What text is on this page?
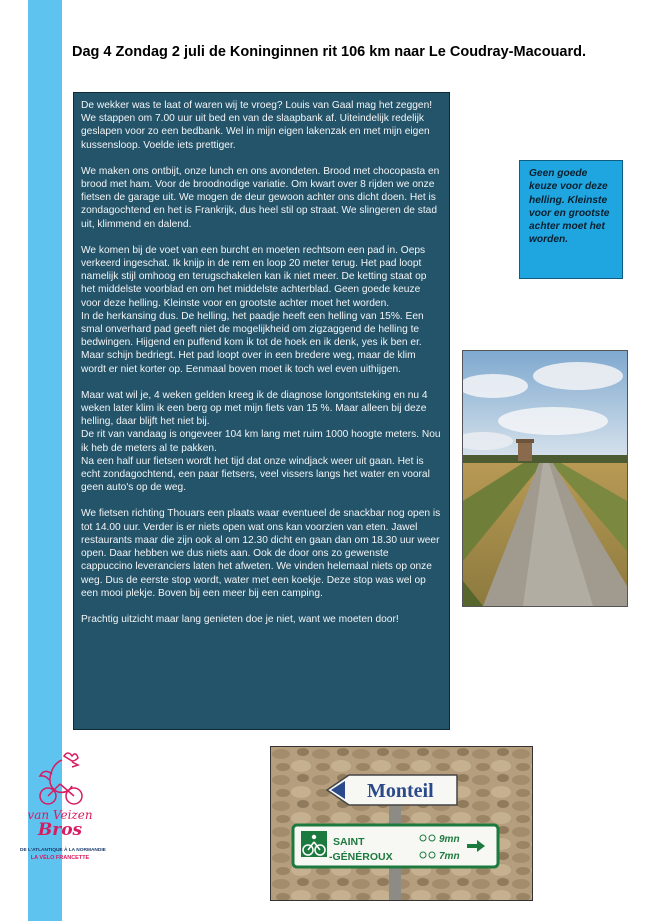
Dag 4 Zondag 2 juli de Koninginnen rit 106 km naar Le Coudray-Macouard.

De wekker was te laat of waren wij te vroeg? Louis van Gaal mag het zeggen! We stappen om 7.00 uur uit bed en van de slaapbank af. Uiteindelijk redelijk geslapen voor zo een bedbank. Wel in mijn eigen lakenzak en met mijn eigen kussensloop. Voelde iets prettiger.

We maken ons ontbijt, onze lunch en ons avondeten. Brood met chocopasta en brood met ham. Voor de broodnodige variatie. Om kwart over 8 rijden we onze fietsen de garage uit. We mogen de deur gewoon achter ons dicht doen. Het is zondagochtend en het is Frankrijk, dus heel stil op straat. We slingeren de stad uit, klimmend en dalend.

We komen bij de voet van een burcht en moeten rechtsom een pad in. Oeps verkeerd ingeschat. Ik knijp in de rem en loop 20 meter terug. Het pad loopt namelijk stijl omhoog en terugschakelen kan ik niet meer. De ketting staat op het middelste voorblad en om het middelste achterblad. Geen goede keuze voor deze helling. Kleinste voor en grootste achter moet het worden.
In de herkansing dus. De helling, het paadje heeft een helling van 15%. Een smal onverhard pad geeft niet de mogelijkheid om zigzaggend de helling te bedwingen. Hijgend en puffend kom ik tot de hoek en ik denk, yes ik ben er. Maar schijn bedriegt. Het pad loopt over in een bredere weg, maar de klim wordt er niet korter op. Eenmaal boven moet ik toch wel even uithijgen.

Maar wat wil je, 4 weken gelden kreeg ik de diagnose longontsteking en nu 4 weken later klim ik een berg op met mijn fiets van 15 %. Maar alleen bij deze helling, daar blijft het niet bij.
De rit van vandaag is ongeveer 104 km lang met ruim 1000 hoogte meters. Nou ik heb de meters al te pakken.
Na een half uur fietsen wordt het tijd dat onze windjack weer uit gaan. Het is echt zondagochtend, een paar fietsers, veel vissers langs het water en vooral geen auto's op de weg.

We fietsen richting Thouars een plaats waar eventueel de snackbar nog open is tot 14.00 uur. Verder is er niets open wat ons kan voorzien van eten. Jawel restaurants maar die zijn ook al om 12.30 dicht en gaan dan om 18.30 uur weer open. Daar hebben we dus niets aan. Ook de door ons zo gewenste cappuccino leveranciers laten het afweten. We vinden helemaal niets op onze weg. Dus de eerste stop wordt, water met een koekje. Deze stop was wel op een mooi plekje. Boven bij een meer bij een camping.

Prachtig uitzicht maar lang genieten doe je niet, want we moeten door!

Geen goede keuze voor deze helling. Kleinste voor en grootste achter moet het worden.
Monteil
SAINT
-GÉNÉROUX
9mn
7mn
van Veizen
Bros
DE L'ATLANTIQUE À LA NORMANDIE
LA VÉLO FRANCETTE
